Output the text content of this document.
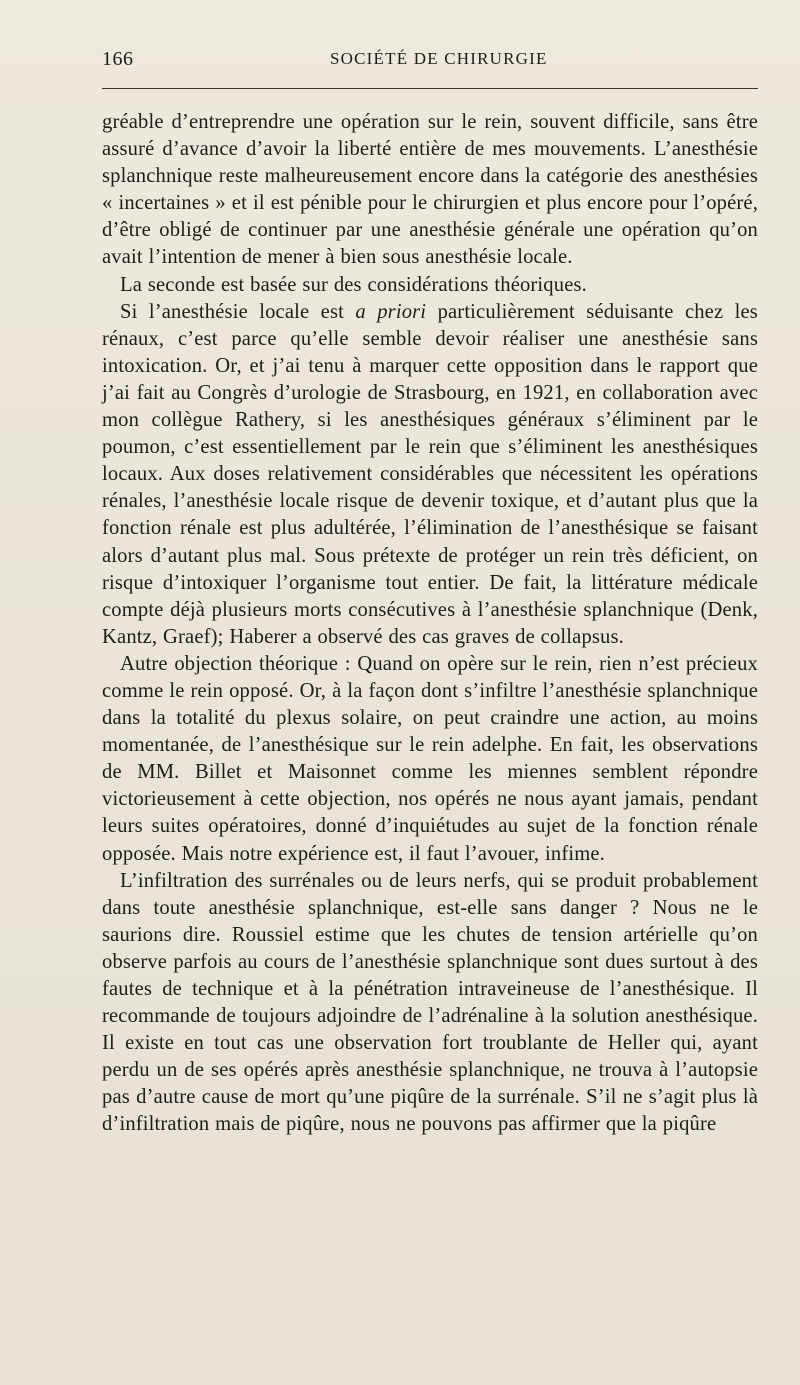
166	SOCIÉTÉ DE CHIRURGIE

gréable d’entreprendre une opération sur le rein, souvent difficile, sans être assuré d’avance d’avoir la liberté entière de mes mouvements. L’anesthésie splanchnique reste malheureusement encore dans la catégorie des anesthésies « incertaines » et il est pénible pour le chirurgien et plus encore pour l’opéré, d’être obligé de continuer par une anesthésie générale une opération qu’on avait l’intention de mener à bien sous anesthésie locale.

La seconde est basée sur des considérations théoriques.

Si l’anesthésie locale est a priori particulièrement séduisante chez les rénaux, c’est parce qu’elle semble devoir réaliser une anesthésie sans intoxication. Or, et j’ai tenu à marquer cette opposition dans le rapport que j’ai fait au Congrès d’urologie de Strasbourg, en 1921, en collaboration avec mon collègue Rathery, si les anesthésiques généraux s’éliminent par le poumon, c’est essentiellement par le rein que s’éliminent les anesthésiques locaux. Aux doses relativement considérables que nécessitent les opérations rénales, l’anesthésie locale risque de devenir toxique, et d’autant plus que la fonction rénale est plus adultérée, l’élimination de l’anesthésique se faisant alors d’autant plus mal. Sous prétexte de protéger un rein très déficient, on risque d’intoxiquer l’organisme tout entier. De fait, la littérature médicale compte déjà plusieurs morts consécutives à l’anesthésie splanchnique (Denk, Kantz, Graef); Haberer a observé des cas graves de collapsus.

Autre objection théorique : Quand on opère sur le rein, rien n’est précieux comme le rein opposé. Or, à la façon dont s’infiltre l’anesthésie splanchnique dans la totalité du plexus solaire, on peut craindre une action, au moins momentanée, de l’anesthésique sur le rein adelphe. En fait, les observations de MM. Billet et Maisonnet comme les miennes semblent répondre victorieusement à cette objection, nos opérés ne nous ayant jamais, pendant leurs suites opératoires, donné d’inquiétudes au sujet de la fonction rénale opposée. Mais notre expérience est, il faut l’avouer, infime.

L’infiltration des surrénales ou de leurs nerfs, qui se produit probablement dans toute anesthésie splanchnique, est-elle sans danger ? Nous ne le saurions dire. Roussiel estime que les chutes de tension artérielle qu’on observe parfois au cours de l’anesthésie splanchnique sont dues surtout à des fautes de technique et à la pénétration intraveineuse de l’anesthésique. Il recommande de toujours adjoindre de l’adrénaline à la solution anesthésique. Il existe en tout cas une observation fort troublante de Heller qui, ayant perdu un de ses opérés après anesthésie splanchnique, ne trouva à l’autopsie pas d’autre cause de mort qu’une piqûre de la surrénale. S’il ne s’agit plus là d’infiltration mais de piqûre, nous ne pouvons pas affirmer que la piqûre
